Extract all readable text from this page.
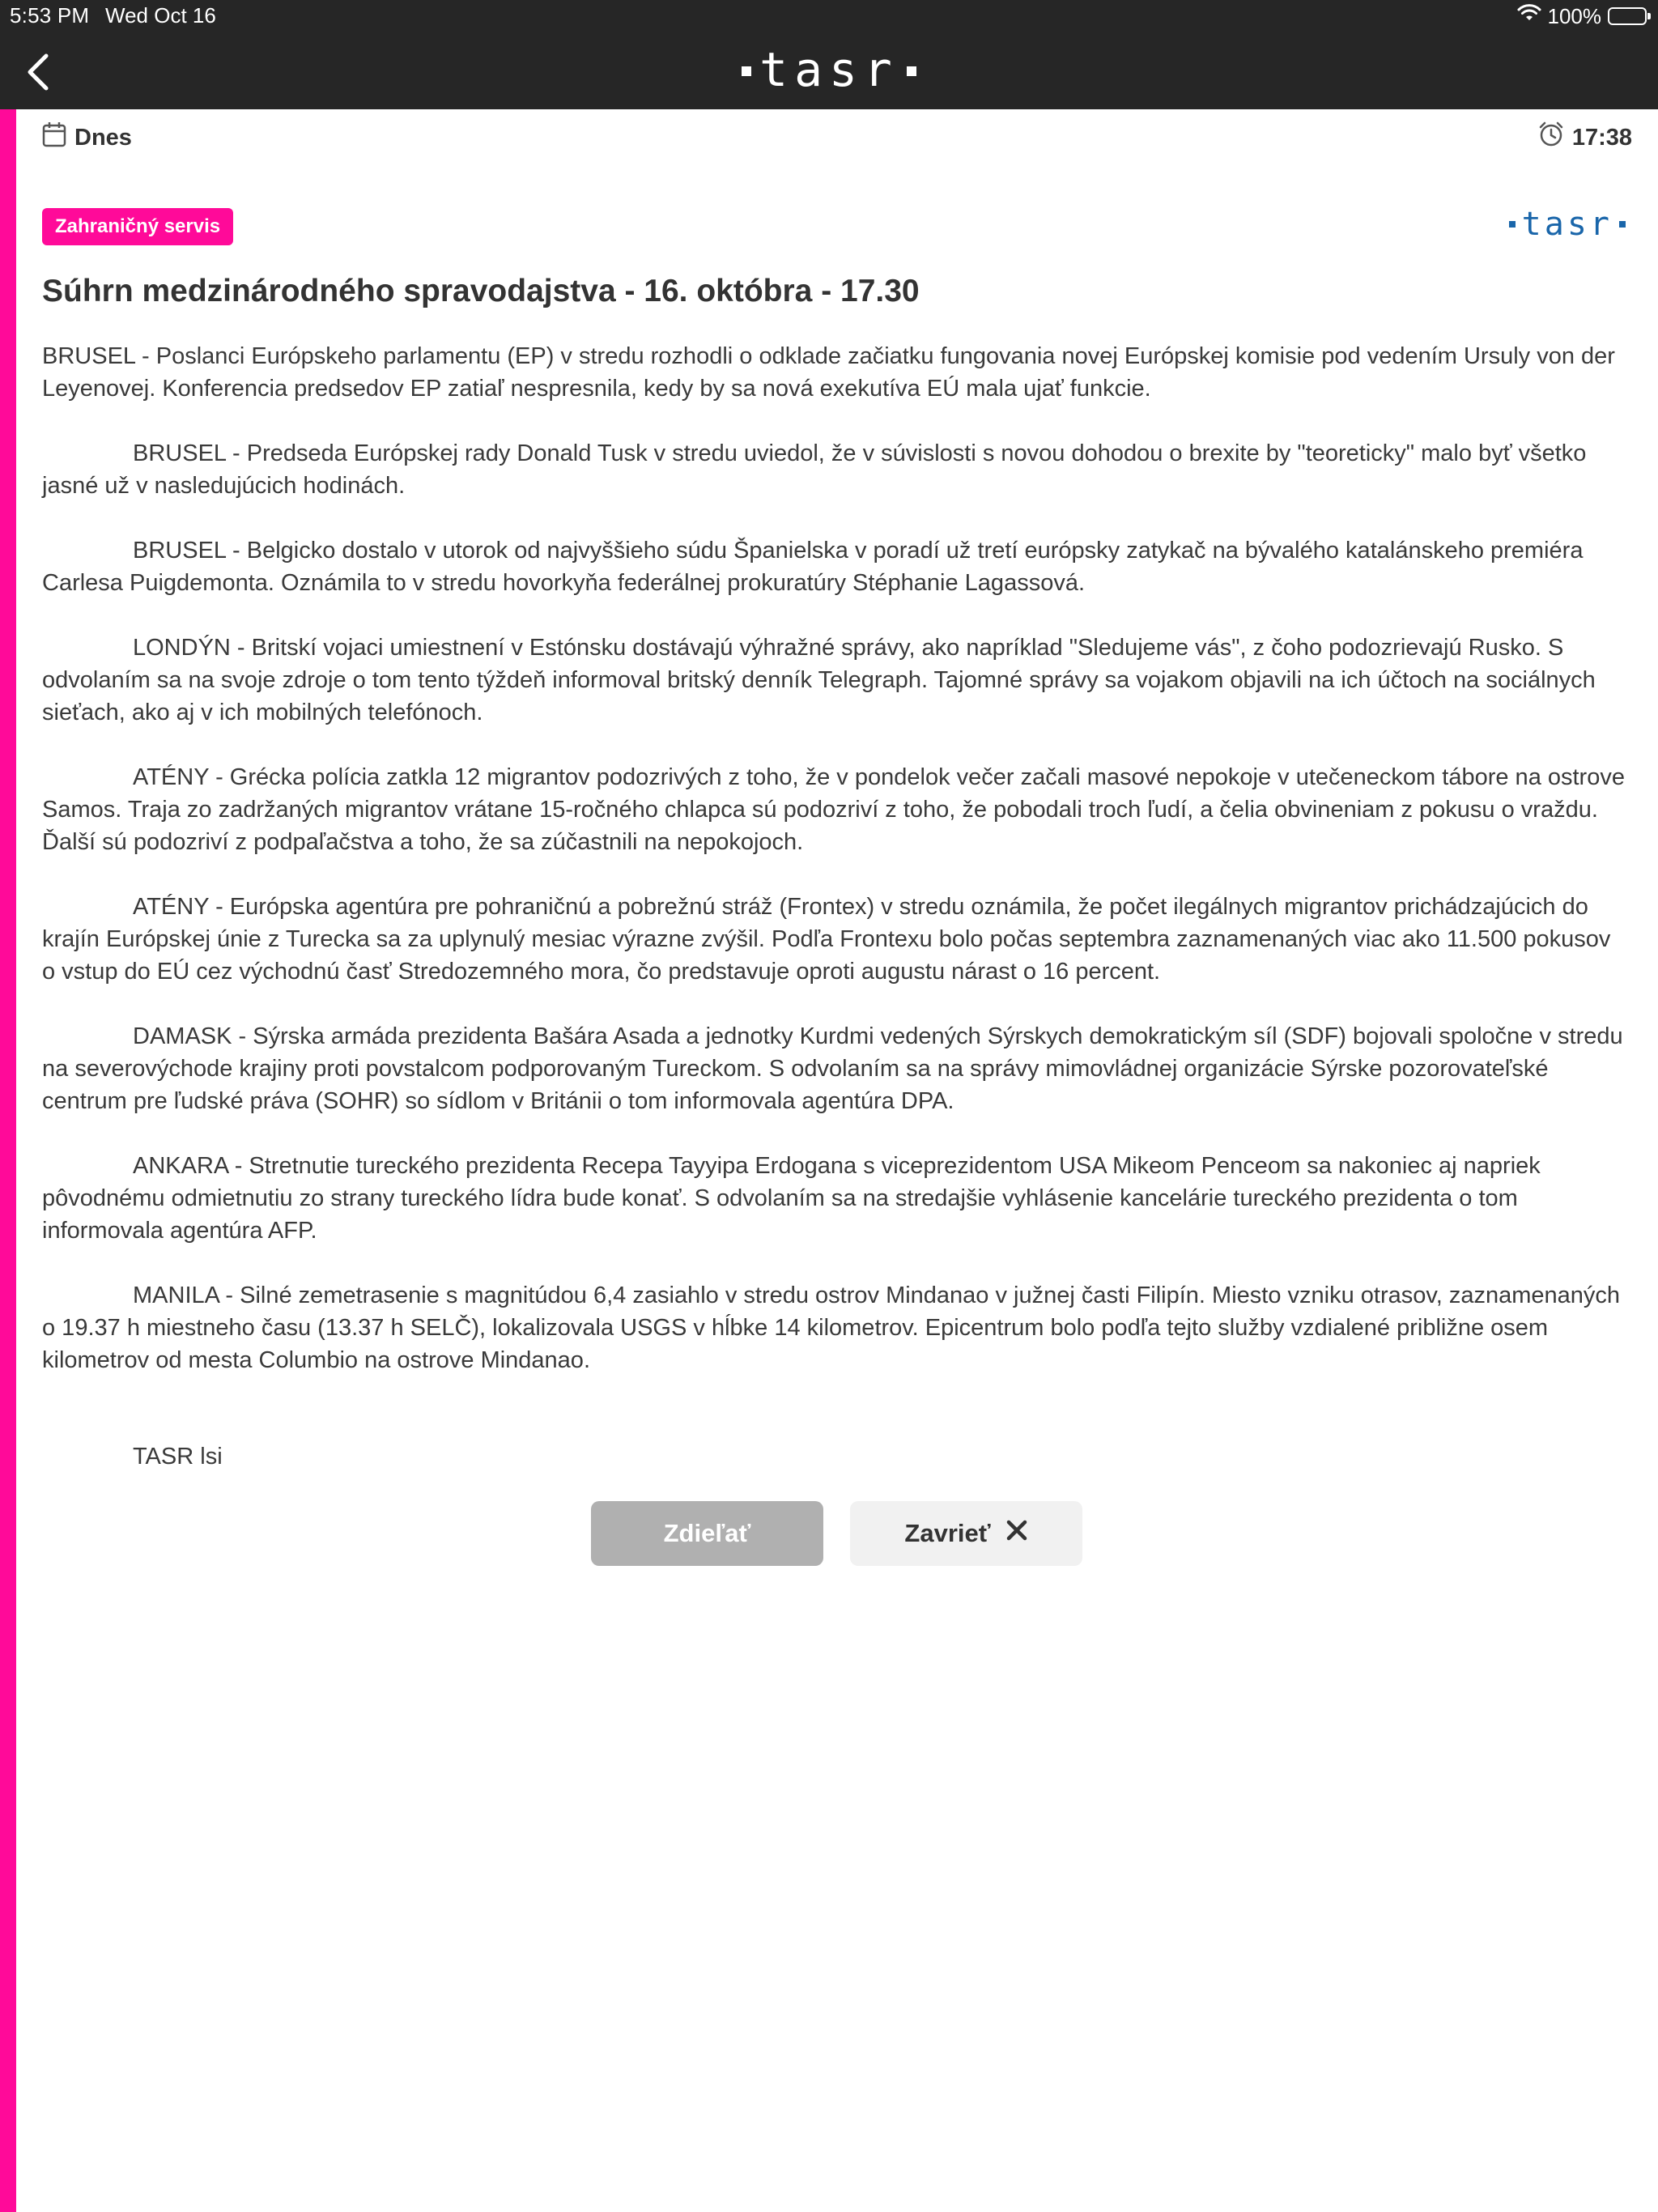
5:53 PM Wed Oct 16	100%
tasr
Dnes	17:38
Zahraničný servis	tasr
Súhrn medzinárodného spravodajstva - 16. októbra - 17.30

BRUSEL - Poslanci Európskeho parlamentu (EP) v stredu rozhodli o odklade začiatku fungovania novej Európskej komisie pod vedením Ursuly von der Leyenovej. Konferencia predsedov EP zatiaľ nespresnila, kedy by sa nová exekutíva EÚ mala ujať funkcie.

BRUSEL - Predseda Európskej rady Donald Tusk v stredu uviedol, že v súvislosti s novou dohodou o brexite by "teoreticky" malo byť všetko jasné už v nasledujúcich hodinách.

BRUSEL - Belgicko dostalo v utorok od najvyššieho súdu Španielska v poradí už tretí európsky zatykač na bývalého katalánskeho premiéra Carlesa Puigdemonta. Oznámila to v stredu hovorkyňa federálnej prokuratúry Stéphanie Lagassová.

LONDÝN - Britskí vojaci umiestnení v Estónsku dostávajú výhražné správy, ako napríklad "Sledujeme vás", z čoho podozrievajú Rusko. S odvolaním sa na svoje zdroje o tom tento týždeň informoval britský denník Telegraph. Tajomné správy sa vojakom objavili na ich účtoch na sociálnych sieťach, ako aj v ich mobilných telefónoch.

ATÉNY - Grécka polícia zatkla 12 migrantov podozrivých z toho, že v pondelok večer začali masové nepokoje v utečeneckom tábore na ostrove Samos. Traja zo zadržaných migrantov vrátane 15-ročného chlapca sú podozriví z toho, že pobodali troch ľudí, a čelia obvineniam z pokusu o vraždu. Ďalší sú podozriví z podpaľačstva a toho, že sa zúčastnili na nepokojoch.

ATÉNY - Európska agentúra pre pohraničnú a pobrežnú stráž (Frontex) v stredu oznámila, že počet ilegálnych migrantov prichádzajúcich do krajín Európskej únie z Turecka sa za uplynulý mesiac výrazne zvýšil. Podľa Frontexu bolo počas septembra zaznamenaných viac ako 11.500 pokusov o vstup do EÚ cez východnú časť Stredozemného mora, čo predstavuje oproti augustu nárast o 16 percent.

DAMASK - Sýrska armáda prezidenta Bašára Asada a jednotky Kurdmi vedených Sýrskych demokratickým síl (SDF) bojovali spoločne v stredu na severovýchode krajiny proti povstalcom podporovaným Tureckom. S odvolaním sa na správy mimovládnej organizácie Sýrske pozorovateľské centrum pre ľudské práva (SOHR) so sídlom v Británii o tom informovala agentúra DPA.

ANKARA - Stretnutie tureckého prezidenta Recepa Tayyipa Erdogana s viceprezidentom USA Mikeom Penceom sa nakoniec aj napriek pôvodnému odmietnutiu zo strany tureckého lídra bude konať. S odvolaním sa na stredajšie vyhlásenie kancelárie tureckého prezidenta o tom informovala agentúra AFP.

MANILA - Silné zemetrasenie s magnitúdou 6,4 zasiahlo v stredu ostrov Mindanao v južnej časti Filipín. Miesto vzniku otrasov, zaznamenaných o 19.37 h miestneho času (13.37 h SELČ), lokalizovala USGS v hĺbke 14 kilometrov. Epicentrum bolo podľa tejto služby vzdialené približne osem kilometrov od mesta Columbio na ostrove Mindanao.

TASR lsi
Zdieľať	Zavrieť
